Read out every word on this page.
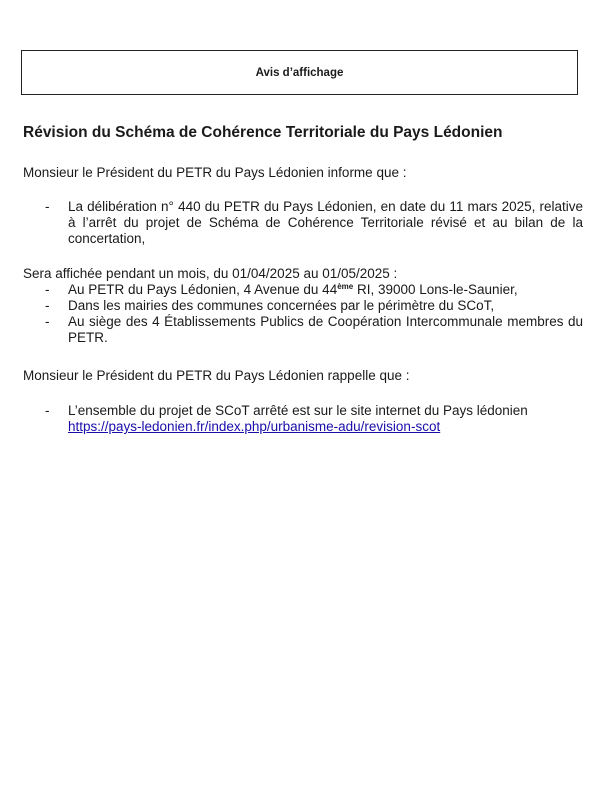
Avis d’affichage
Révision du Schéma de Cohérence Territoriale du Pays Lédonien
Monsieur le Président du PETR du Pays Lédonien informe que :
- La délibération n° 440 du PETR du Pays Lédonien, en date du 11 mars 2025, relative à l’arrêt du projet de Schéma de Cohérence Territoriale révisé et au bilan de la concertation,
Sera affichée pendant un mois, du 01/04/2025 au 01/05/2025 :
- Au PETR du Pays Lédonien, 4 Avenue du 44ème RI, 39000 Lons-le-Saunier,
- Dans les mairies des communes concernées par le périmètre du SCoT,
- Au siège des 4 Établissements Publics de Coopération Intercommunale membres du PETR.
Monsieur le Président du PETR du Pays Lédonien rappelle que :
- L’ensemble du projet de SCoT arrêté est sur le site internet du Pays lédonien
https://pays-ledonien.fr/index.php/urbanisme-adu/revision-scot
